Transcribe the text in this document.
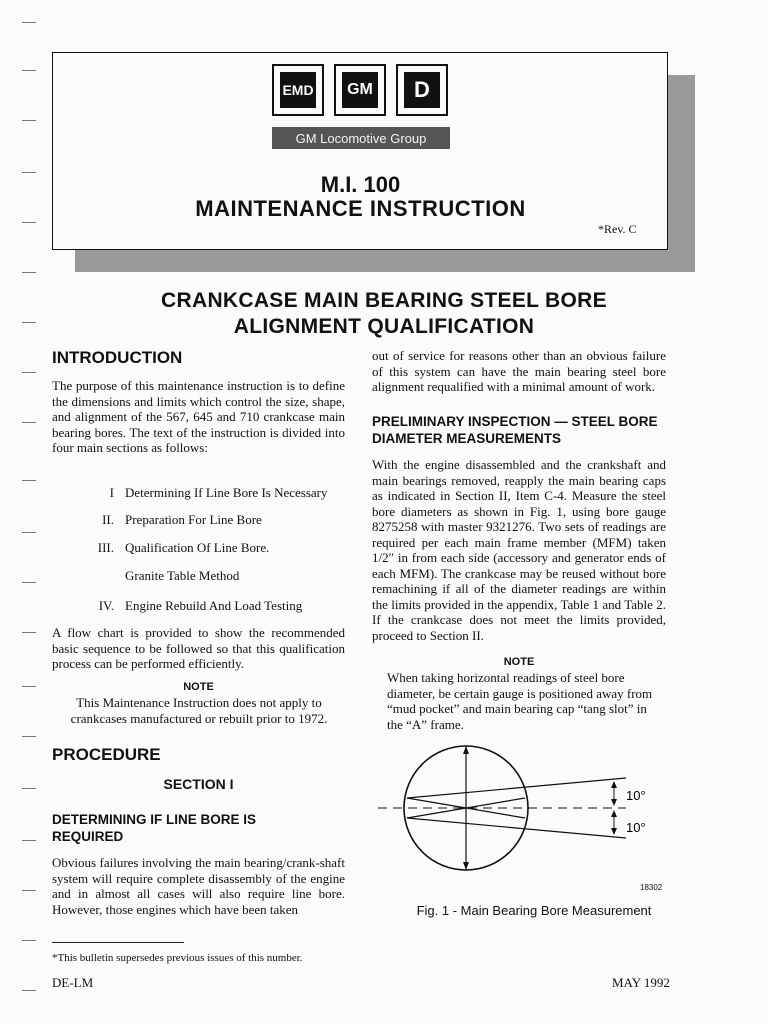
EMD	GM	D
GM Locomotive Group
M.I. 100
MAINTENANCE INSTRUCTION
*Rev. C
CRANKCASE MAIN BEARING STEEL BORE
ALIGNMENT QUALIFICATION
INTRODUCTION
The purpose of this maintenance instruction is to define the dimensions and limits which control the size, shape, and alignment of the 567, 645 and 710 crankcase main bearing bores. The text of the instruction is divided into four main sections as follows:
I Determining If Line Bore Is Necessary
II. Preparation For Line Bore
III. Qualification Of Line Bore.
Granite Table Method
IV. Engine Rebuild And Load Testing
A flow chart is provided to show the recommended basic sequence to be followed so that this qualification process can be performed efficiently.
NOTE
This Maintenance Instruction does not apply to crankcases manufactured or rebuilt prior to 1972.
PROCEDURE
SECTION I
DETERMINING IF LINE BORE IS REQUIRED
Obvious failures involving the main bearing/crank-shaft system will require complete disassembly of the engine and in almost all cases will also require line bore. However, those engines which have been taken
out of service for reasons other than an obvious failure of this system can have the main bearing steel bore alignment requalified with a minimal amount of work.
PRELIMINARY INSPECTION — STEEL BORE DIAMETER MEASUREMENTS
With the engine disassembled and the crankshaft and main bearings removed, reapply the main bearing caps as indicated in Section II, Item C-4. Measure the steel bore diameters as shown in Fig. 1, using bore gauge 8275258 with master 9321276. Two sets of readings are required per each main frame member (MFM) taken 1/2″ in from each side (accessory and generator ends of each MFM). The crankcase may be reused without bore remachining if all of the diameter readings are within the limits provided in the appendix, Table 1 and Table 2. If the crankcase does not meet the limits provided, proceed to Section II.
NOTE
When taking horizontal readings of steel bore diameter, be certain gauge is positioned away from “mud pocket” and main bearing cap “tang slot” in the “A” frame.
10°
10°
18302
Fig. 1 - Main Bearing Bore Measurement
*This bulletin supersedes previous issues of this number.
DE-LM	MAY 1992
